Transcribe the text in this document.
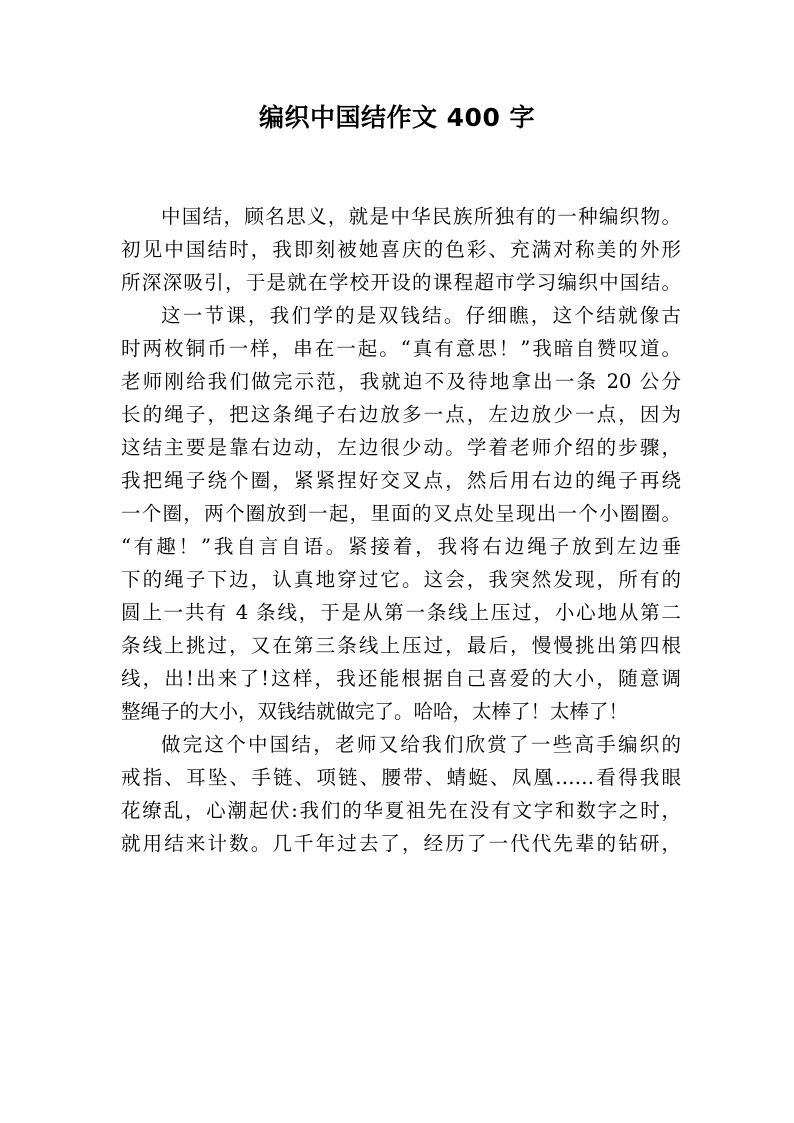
编织中国结作文 400 字
中国结，顾名思义，就是中华民族所独有的一种编织物。
初见中国结时，我即刻被她喜庆的色彩、充满对称美的外形
所深深吸引，于是就在学校开设的课程超市学习编织中国结。
这一节课，我们学的是双钱结。仔细瞧，这个结就像古
时两枚铜币一样，串在一起。“真有意思！”我暗自赞叹道。
老师刚给我们做完示范，我就迫不及待地拿出一条 20 公分
长的绳子，把这条绳子右边放多一点，左边放少一点，因为
这结主要是靠右边动，左边很少动。学着老师介绍的步骤，
我把绳子绕个圈，紧紧捏好交叉点，然后用右边的绳子再绕
一个圈，两个圈放到一起，里面的叉点处呈现出一个小圈圈。
“有趣！”我自言自语。紧接着，我将右边绳子放到左边垂
下的绳子下边，认真地穿过它。这会，我突然发现，所有的
圆上一共有 4 条线，于是从第一条线上压过，小心地从第二
条线上挑过，又在第三条线上压过，最后，慢慢挑出第四根
线，出!出来了!这样，我还能根据自己喜爱的大小，随意调
整绳子的大小，双钱结就做完了。哈哈，太棒了！太棒了！
做完这个中国结，老师又给我们欣赏了一些高手编织的
戒指、耳坠、手链、项链、腰带、蜻蜓、凤凰……看得我眼
花缭乱，心潮起伏:我们的华夏祖先在没有文字和数字之时，
就用结来计数。几千年过去了，经历了一代代先辈的钻研，
